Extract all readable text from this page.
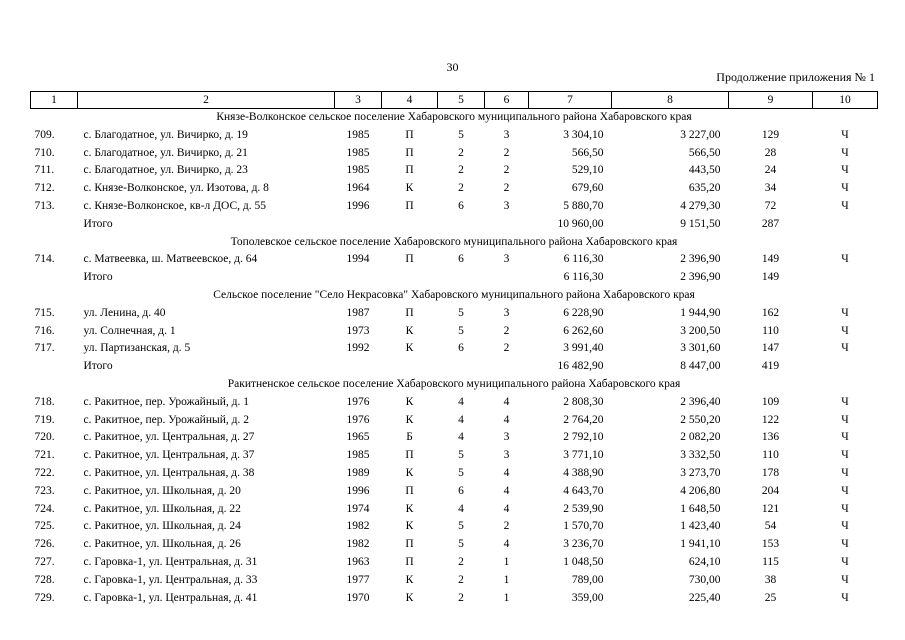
30
Продолжение приложения № 1
1	2	3	4	5	6	7	8	9	10
Князе-Волконское сельское поселение Хабаровского муниципального района Хабаровского края									
709.	с. Благодатное, ул. Вичирко, д. 19	1985	П	5	3	3 304,10	3 227,00	129	Ч
710.	с. Благодатное, ул. Вичирко, д. 21	1985	П	2	2	566,50	566,50	28	Ч
711.	с. Благодатное, ул. Вичирко, д. 23	1985	П	2	2	529,10	443,50	24	Ч
712.	с. Князе-Волконское, ул. Изотова, д. 8	1964	К	2	2	679,60	635,20	34	Ч
713.	с. Князе-Волконское, кв-л ДОС, д. 55	1996	П	6	3	5 880,70	4 279,30	72	Ч
	Итого					10 960,00	9 151,50	287	
Тополевское сельское поселение Хабаровского муниципального района Хабаровского края									
714.	с. Матвеевка, ш. Матвеевское, д. 64	1994	П	6	3	6 116,30	2 396,90	149	Ч
	Итого					6 116,30	2 396,90	149	
Сельское поселение "Село Некрасовка" Хабаровского муниципального района Хабаровского края									
715.	ул. Ленина, д. 40	1987	П	5	3	6 228,90	1 944,90	162	Ч
716.	ул. Солнечная, д. 1	1973	К	5	2	6 262,60	3 200,50	110	Ч
717.	ул. Партизанская, д. 5	1992	К	6	2	3 991,40	3 301,60	147	Ч
	Итого					16 482,90	8 447,00	419	
Ракитненское сельское поселение Хабаровского муниципального района Хабаровского края									
718.	с. Ракитное, пер. Урожайный, д. 1	1976	К	4	4	2 808,30	2 396,40	109	Ч
719.	с. Ракитное, пер. Урожайный, д. 2	1976	К	4	4	2 764,20	2 550,20	122	Ч
720.	с. Ракитное, ул. Центральная, д. 27	1965	Б	4	3	2 792,10	2 082,20	136	Ч
721.	с. Ракитное, ул. Центральная, д. 37	1985	П	5	3	3 771,10	3 332,50	110	Ч
722.	с. Ракитное, ул. Центральная, д. 38	1989	К	5	4	4 388,90	3 273,70	178	Ч
723.	с. Ракитное, ул. Школьная, д. 20	1996	П	6	4	4 643,70	4 206,80	204	Ч
724.	с. Ракитное, ул. Школьная, д. 22	1974	К	4	4	2 539,90	1 648,50	121	Ч
725.	с. Ракитное, ул. Школьная, д. 24	1982	К	5	2	1 570,70	1 423,40	54	Ч
726.	с. Ракитное, ул. Школьная, д. 26	1982	П	5	4	3 236,70	1 941,10	153	Ч
727.	с. Гаровка-1, ул. Центральная, д. 31	1963	П	2	1	1 048,50	624,10	115	Ч
728.	с. Гаровка-1, ул. Центральная, д. 33	1977	К	2	1	789,00	730,00	38	Ч
729.	с. Гаровка-1, ул. Центральная, д. 41	1970	К	2	1	359,00	225,40	25	Ч
